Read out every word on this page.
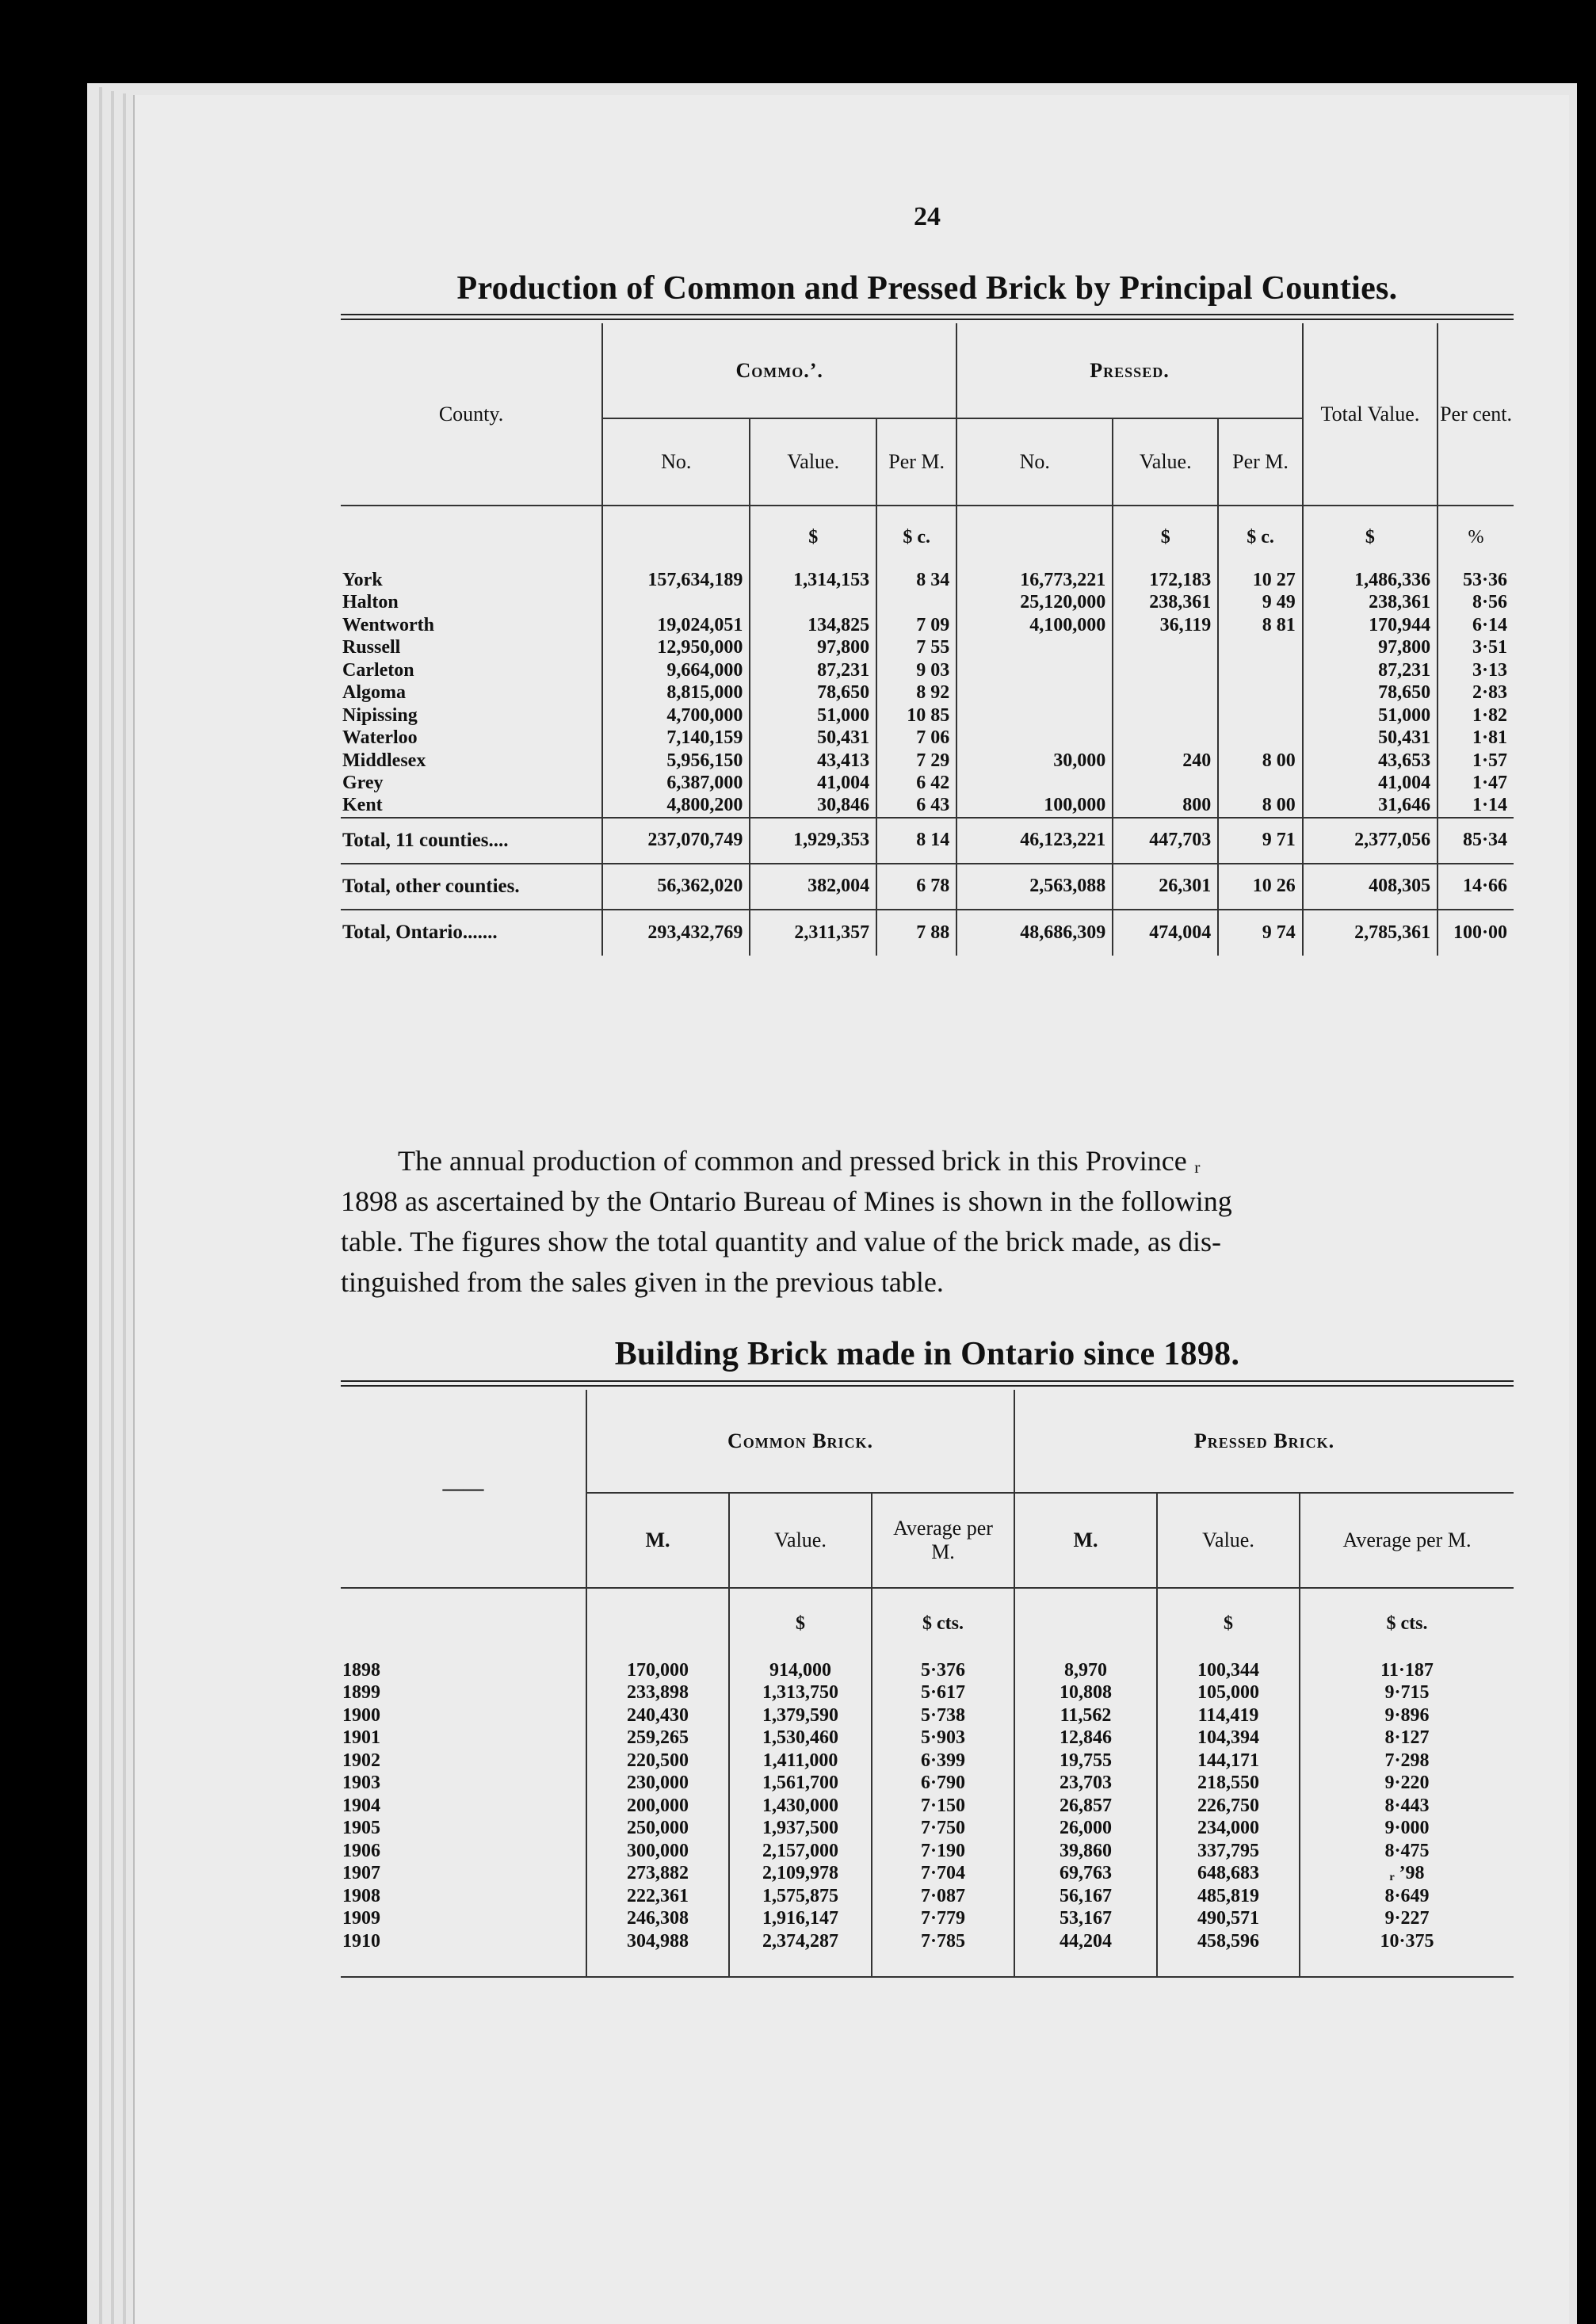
24
Production of Common and Pressed Brick by Principal Counties.
County.	Commo.’.			Pressed.			Total Value.	Per cent.
	No.	Value.	Per M.	No.	Value.	Per M.		
		$	$ c.		$	$ c.	$	%
York	157,634,189	1,314,153	8 34	16,773,221	172,183	10 27	1,486,336	53·36
Halton				25,120,000	238,361	9 49	238,361	8·56
Wentworth	19,024,051	134,825	7 09	4,100,000	36,119	8 81	170,944	6·14
Russell	12,950,000	97,800	7 55				97,800	3·51
Carleton	9,664,000	87,231	9 03				87,231	3·13
Algoma	8,815,000	78,650	8 92				78,650	2·83
Nipissing	4,700,000	51,000	10 85				51,000	1·82
Waterloo	7,140,159	50,431	7 06				50,431	1·81
Middlesex	5,956,150	43,413	7 29	30,000	240	8 00	43,653	1·57
Grey	6,387,000	41,004	6 42				41,004	1·47
Kent	4,800,200	30,846	6 43	100,000	800	8 00	31,646	1·14
Total, 11 counties....	237,070,749	1,929,353	8 14	46,123,221	447,703	9 71	2,377,056	85·34
Total, other counties.	56,362,020	382,004	6 78	2,563,088	26,301	10 26	408,305	14·66
Total, Ontario.......	293,432,769	2,311,357	7 88	48,686,309	474,004	9 74	2,785,361	100·00
The annual production of common and pressed brick in this Province ᵣ
1898 as ascertained by the Ontario Bureau of Mines is shown in the following
table. The figures show the total quantity and value of the brick made, as dis-
tinguished from the sales given in the previous table.
Building Brick made in Ontario since 1898.
——	Common Brick.			Pressed Brick.		
	M.	Value.	Average per M.	M.	Value.	Average per M.
		$	$ cts.		$	$ cts.
1898	170,000	914,000	5·376	8,970	100,344	11·187
1899	233,898	1,313,750	5·617	10,808	105,000	9·715
1900	240,430	1,379,590	5·738	11,562	114,419	9·896
1901	259,265	1,530,460	5·903	12,846	104,394	8·127
1902	220,500	1,411,000	6·399	19,755	144,171	7·298
1903	230,000	1,561,700	6·790	23,703	218,550	9·220
1904	200,000	1,430,000	7·150	26,857	226,750	8·443
1905	250,000	1,937,500	7·750	26,000	234,000	9·000
1906	300,000	2,157,000	7·190	39,860	337,795	8·475
1907	273,882	2,109,978	7·704	69,763	648,683	ᵣ ʼ98
1908	222,361	1,575,875	7·087	56,167	485,819	8·649
1909	246,308	1,916,147	7·779	53,167	490,571	9·227
1910	304,988	2,374,287	7·785	44,204	458,596	10·375
